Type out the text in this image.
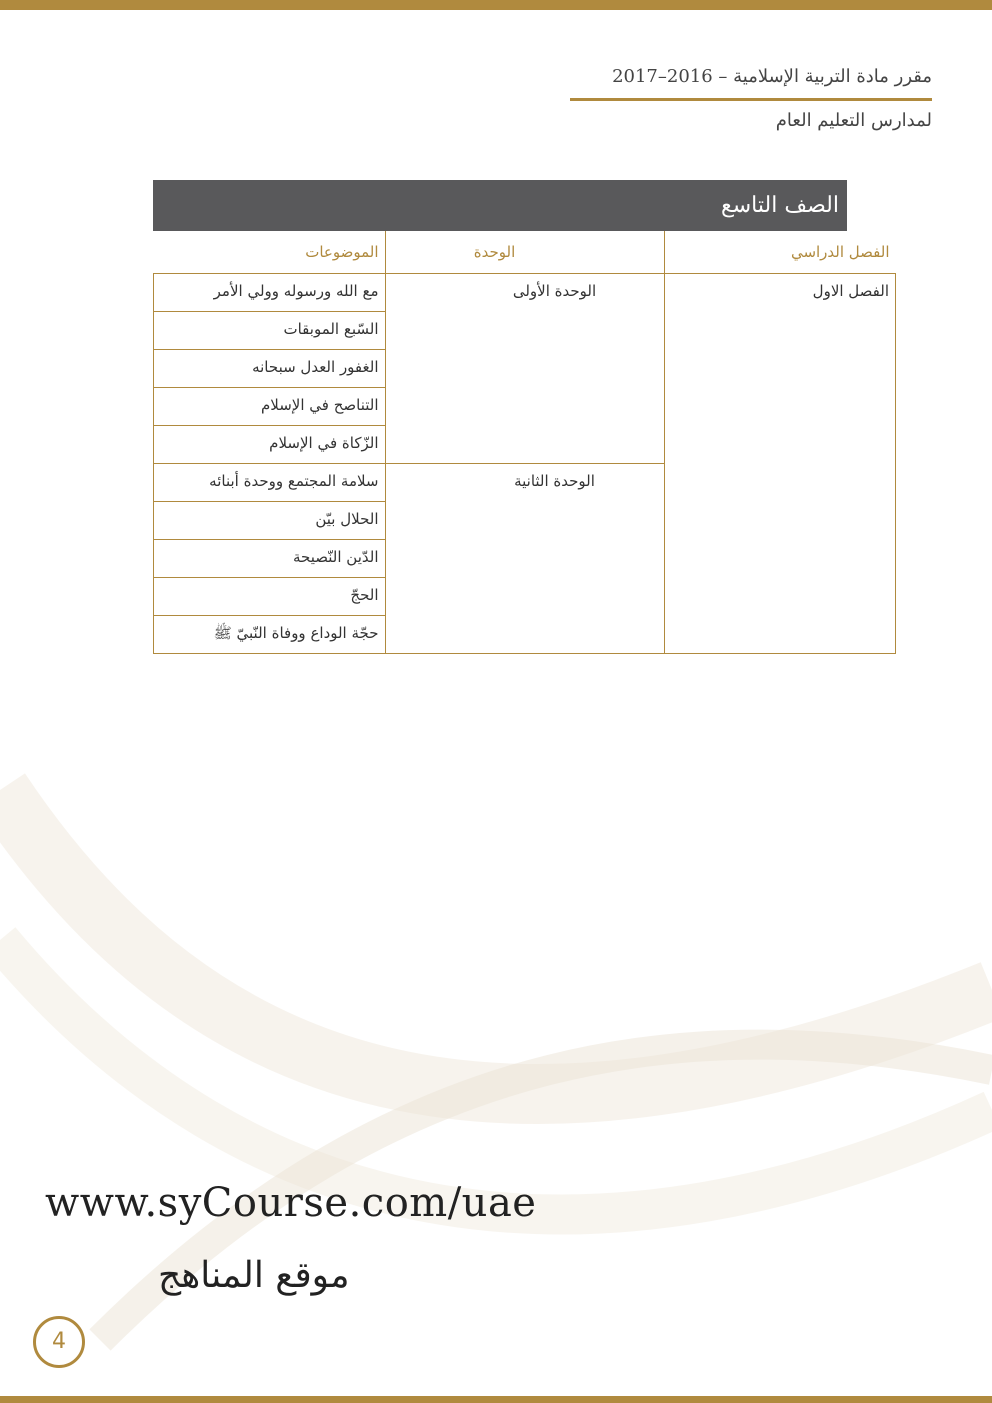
مقرر مادة التربية الإسلامية – 2016–2017
لمدارس التعليم العام
الصف التاسع
الفصل الدراسي	الوحدة	الموضوعات
الفصل الاول	الوحدة الأولى	مع الله ورسوله وولي الأمر
		السّبع الموبقات
		الغفور العدل سبحانه
		التناصح في الإسلام
		الزّكاة في الإسلام
	الوحدة الثانية	سلامة المجتمع ووحدة أبنائه
		الحلال بيّن
		الدّين النّصيحة
		الحجّ
		حجّة الوداع ووفاة النّبيّ ﷺ
www.syCourse.com/uae
موقع المناهج
4
